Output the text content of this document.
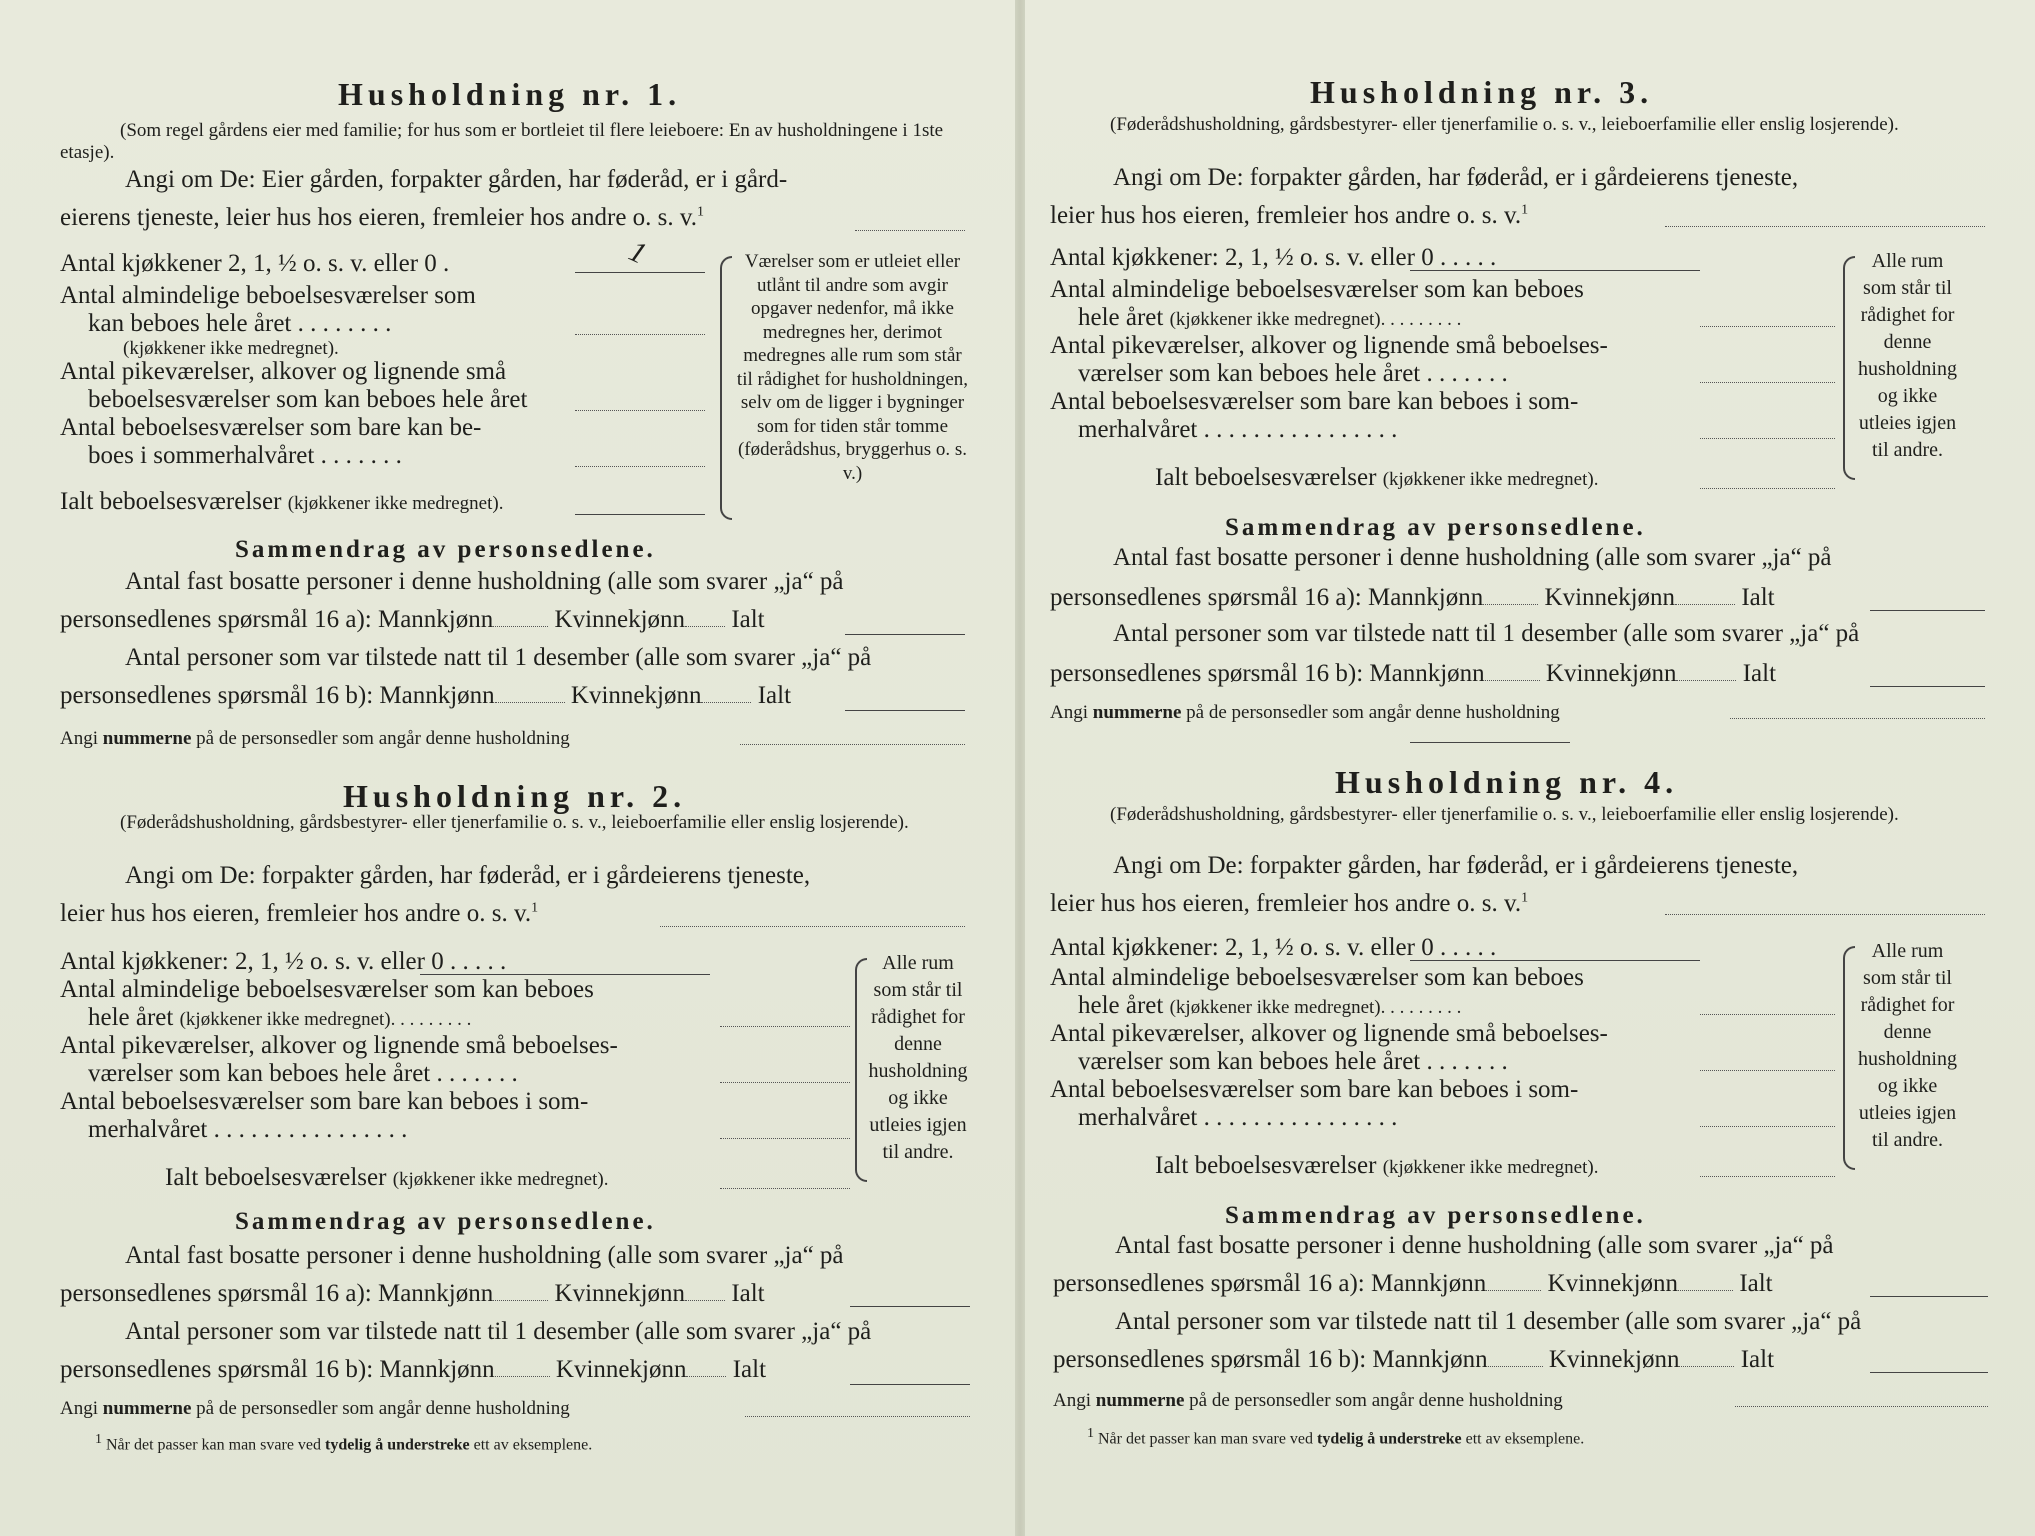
Husholdning nr. 1.
(Som regel gårdens eier med familie; for hus som er bortleiet til flere leieboere: En av husholdningene i 1ste etasje).
Angi om De: Eier gården, forpakter gården, har føderåd, er i gård-
eierens tjeneste, leier hus hos eieren, fremleier hos andre o. s. v.$^1$
Antal kjøkkener 2, 1, ½ o. s. v. eller 0 .	1
Antal almindelige beboelsesværelser som
kan beboes hele året . . . . . . . .
(kjøkkener ikke medregnet).
Antal pikeværelser, alkover og lignende små
beboelsesværelser som kan beboes hele året
Antal beboelsesværelser som bare kan be-
boes i sommerhalvåret . . . . . . .
Ialt beboelsesværelser (kjøkkener ikke medregnet).
Værelser som er utleiet eller utlånt til andre som avgir opgaver nedenfor, må ikke medregnes her, derimot medregnes alle rum som står til rådighet for husholdningen, selv om de ligger i bygninger som for tiden står tomme (føderådshus, bryggerhus o. s. v.)
Sammendrag av personsedlene.
Antal fast bosatte personer i denne husholdning (alle som svarer „ja“ på
personsedlenes spørsmål 16 a): Mannkjønn Kvinnekjønn Ialt
Antal personer som var tilstede natt til 1 desember (alle som svarer „ja“ på
personsedlenes spørsmål 16 b): Mannkjønn	Kvinnekjønn Ialt
Angi nummerne på de personsedler som angår denne husholdning
Husholdning nr. 2.
(Føderådshusholdning, gårdsbestyrer- eller tjenerfamilie o. s. v., leieboerfamilie eller enslig losjerende).
Angi om De: forpakter gården, har føderåd, er i gårdeierens tjeneste,
leier hus hos eieren, fremleier hos andre o. s. v.$^1$
Antal kjøkkener: 2, 1, ½ o. s. v. eller 0 . . . . .
Antal almindelige beboelsesværelser som kan beboes
hele året (kjøkkener ikke medregnet). . . . . . . . .
Antal pikeværelser, alkover og lignende små beboelses-
værelser som kan beboes hele året . . . . . . .
Antal beboelsesværelser som bare kan beboes i som-
merhalvåret . . . . . . . . . . . . . . . .
Ialt beboelsesværelser (kjøkkener ikke medregnet).
Alle rum som står til rådighet for denne husholdning og ikke utleies igjen til andre.
Sammendrag av personsedlene.
Antal fast bosatte personer i denne husholdning (alle som svarer „ja“ på
personsedlenes spørsmål 16 a): Mannkjønn Kvinnekjønn Ialt
Antal personer som var tilstede natt til 1 desember (alle som svarer „ja“ på
personsedlenes spørsmål 16 b): Mannkjønn Kvinnekjønn Ialt
Angi nummerne på de personsedler som angår denne husholdning
1 Når det passer kan man svare ved tydelig å understreke ett av eksemplene.
Husholdning nr. 3.
(Føderådshusholdning, gårdsbestyrer- eller tjenerfamilie o. s. v., leieboerfamilie eller enslig losjerende).
Angi om De: forpakter gården, har føderåd, er i gårdeierens tjeneste,
leier hus hos eieren, fremleier hos andre o. s. v.$^1$
Antal kjøkkener: 2, 1, ½ o. s. v. eller 0 . . . . .
Antal almindelige beboelsesværelser som kan beboes
hele året (kjøkkener ikke medregnet). . . . . . . . .
Antal pikeværelser, alkover og lignende små beboelses-
værelser som kan beboes hele året . . . . . . .
Antal beboelsesværelser som bare kan beboes i som-
merhalvåret . . . . . . . . . . . . . . . .
Ialt beboelsesværelser (kjøkkener ikke medregnet).
Alle rum som står til rådighet for denne husholdning og ikke utleies igjen til andre.
Sammendrag av personsedlene.
Antal fast bosatte personer i denne husholdning (alle som svarer „ja“ på
personsedlenes spørsmål 16 a): Mannkjønn Kvinnekjønn	Ialt
Antal personer som var tilstede natt til 1 desember (alle som svarer „ja“ på
personsedlenes spørsmål 16 b): Mannkjønn Kvinnekjønn	Ialt
Angi nummerne på de personsedler som angår denne husholdning
Husholdning nr. 4.
(Føderådshusholdning, gårdsbestyrer- eller tjenerfamilie o. s. v., leieboerfamilie eller enslig losjerende).
Angi om De: forpakter gården, har føderåd, er i gårdeierens tjeneste,
leier hus hos eieren, fremleier hos andre o. s. v.$^1$
Antal kjøkkener: 2, 1, ½ o. s. v. eller 0 . . . . .
Antal almindelige beboelsesværelser som kan beboes
hele året (kjøkkener ikke medregnet). . . . . . . . .
Antal pikeværelser, alkover og lignende små beboelses-
værelser som kan beboes hele året . . . . . . .
Antal beboelsesværelser som bare kan beboes i som-
merhalvåret . . . . . . . . . . . . . . . .
Ialt beboelsesværelser (kjøkkener ikke medregnet).
Alle rum som står til rådighet for denne husholdning og ikke utleies igjen til andre.
Sammendrag av personsedlene.
Antal fast bosatte personer i denne husholdning (alle som svarer „ja“ på
personsedlenes spørsmål 16 a): Mannkjønn Kvinnekjønn Ialt
Antal personer som var tilstede natt til 1 desember (alle som svarer „ja“ på
personsedlenes spørsmål 16 b): Mannkjønn Kvinnekjønn Ialt
Angi nummerne på de personsedler som angår denne husholdning
1 Når det passer kan man svare ved tydelig å understreke ett av eksemplene.
